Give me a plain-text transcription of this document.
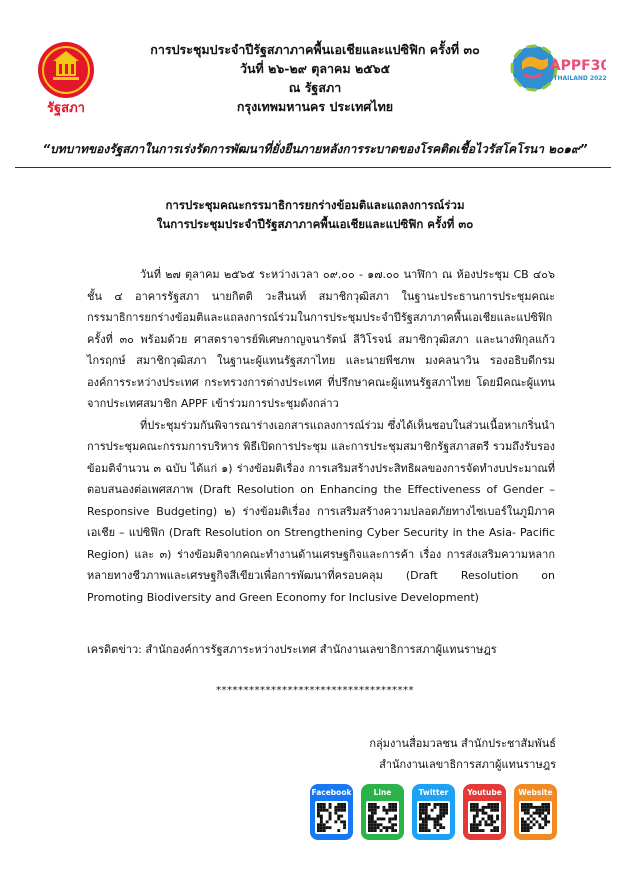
รัฐสภา
การประชุมประจำปีรัฐสภาภาคพื้นเอเชียและแปซิฟิก ครั้งที่ ๓๐
วันที่ ๒๖-๒๙ ตุลาคม ๒๕๖๕
ณ รัฐสภา
กรุงเทพมหานคร ประเทศไทย
APPF30
THAILAND 2022
“บทบาทของรัฐสภาในการเร่งรัดการพัฒนาที่ยั่งยืนภายหลังการระบาดของโรคติดเชื้อไวรัสโคโรนา ๒๐๑๙”
การประชุมคณะกรรมาธิการยกร่างข้อมติและแถลงการณ์ร่วม
ในการประชุมประจำปีรัฐสภาภาคพื้นเอเชียและแปซิฟิก ครั้งที่ ๓๐

วันที่ ๒๗ ตุลาคม ๒๕๖๕ ระหว่างเวลา ๐๙.๐๐ - ๑๗.๐๐ นาฬิกา ณ ห้องประชุม CB ๔๐๖ ชั้น ๔ อาคารรัฐสภา นายกิตติ วะสีนนท์ สมาชิกวุฒิสภา ในฐานะประธานการประชุมคณะกรรมาธิการยกร่างข้อมติและแถลงการณ์ร่วมในการประชุมประจำปีรัฐสภาภาคพื้นเอเชียและแปซิฟิก ครั้งที่ ๓๐ พร้อมด้วย ศาสตราจารย์พิเศษกาญจนารัตน์ ลีวิโรจน์ สมาชิกวุฒิสภา และนางพิกุลแก้ว ไกรฤกษ์ สมาชิกวุฒิสภา ในฐานะผู้แทนรัฐสภาไทย และนายพีชภพ มงคลนาวิน รองอธิบดีกรมองค์การระหว่างประเทศ กระทรวงการต่างประเทศ ที่ปรึกษาคณะผู้แทนรัฐสภาไทย โดยมีคณะผู้แทนจากประเทศสมาชิก APPF เข้าร่วมการประชุมดังกล่าว

ที่ประชุมร่วมกันพิจารณาร่างเอกสารแถลงการณ์ร่วม ซึ่งได้เห็นชอบในส่วนเนื้อหาเกริ่นนำการประชุมคณะกรรมการบริหาร พิธีเปิดการประชุม และการประชุมสมาชิกรัฐสภาสตรี รวมถึงรับรองข้อมติจำนวน ๓ ฉบับ ได้แก่ ๑) ร่างข้อมติเรื่อง การเสริมสร้างประสิทธิผลของการจัดทำงบประมาณที่ตอบสนองต่อเพศสภาพ (Draft Resolution on Enhancing the Effectiveness of Gender – Responsive Budgeting) ๒) ร่างข้อมติเรื่อง การเสริมสร้างความปลอดภัยทางไซเบอร์ในภูมิภาคเอเชีย – แปซิฟิก (Draft Resolution on Strengthening Cyber Security in the Asia- Pacific Region) และ ๓) ร่างข้อมติจากคณะทำงานด้านเศรษฐกิจและการค้า เรื่อง การส่งเสริมความหลากหลายทางชีวภาพและเศรษฐกิจสีเขียวเพื่อการพัฒนาที่ครอบคลุม (Draft Resolution on Promoting Biodiversity and Green Economy for Inclusive Development)

เครดิตข่าว: สำนักองค์การรัฐสภาระหว่างประเทศ สำนักงานเลขาธิการสภาผู้แทนราษฎร
************************************
กลุ่มงานสื่อมวลชน สำนักประชาสัมพันธ์
สำนักงานเลขาธิการสภาผู้แทนราษฎร
Facebook	Line	Twitter	Youtube Website
